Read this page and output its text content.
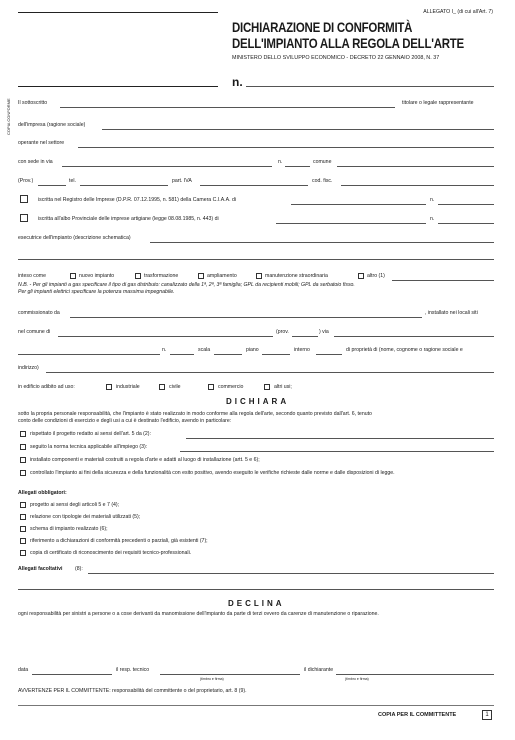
ALLEGATO I_ (di cui all'Art. 7)
DICHIARAZIONE DI CONFORMITÀ
DELL'IMPIANTO ALLA REGOLA DELL'ARTE
MINISTERO DELLO SVILUPPO ECONOMICO - DECRETO 22 GENNAIO 2008, N. 37
n.
COPIA CONFORME Il sottoscritto	titolare o legale rappresentante
dell'impresa (ragione sociale)
operante nel settore
con sede in via	n.	comune
(Prov.)	tel.	part. IVA	cod. fisc.
iscritta nel Registro delle Imprese (D.P.R. 07.12.1995, n. 581) della Camera C.I.A.A. di	n.
iscritta all'albo Provinciale delle imprese artigiane (legge 08.08.1985, n. 443) di	n.
esecutrice dell'impianto (descrizione schematica)
inteso come	nuovo impianto	trasformazione	ampliamento	manutenzione straordinaria	altro (1)
N.B. - Per gli impianti a gas specificare il tipo di gas distributo: canalizzato della 1ª, 2ª, 3ª famiglia; GPL da recipienti mobili; GPL da serbatoio fisso.
Per gli impianti elettrici specificare la potenza massima impegnabile.
commissionato da	, installato nei locali siti
nel comune di	(prov.	) via
n.	scala	piano	interno	di proprietà di (nome, cognome o ragione sociale e
indirizzo)
in edificio adibito ad uso:	industriale	civile	commercio	altri usi;
DICHIARA
sotto la propria personale responsabilità, che l'impianto è stato realizzato in modo conforme alla regola dell'arte, secondo quanto previsto dall'art. 6, tenuto
conto delle condizioni di esercizio e degli usi a cui è destinato l'edificio, avendo in particolare:
rispettato il progetto redatto ai sensi dell'art. 5 da (2):
seguito la norma tecnica applicabile all'impiego (3):
installato componenti e materiali costruiti a regola d'arte e adatti al luogo di installazione (artt. 5 e 6);
controllato l'impianto ai fini della sicurezza e della funzionalità con esito positivo, avendo eseguito le verifiche richieste dalle norme e dalle disposizioni di legge.
Allegati obbligatori:
progetto ai sensi degli articoli 5 e 7 (4);
relazione con tipologie dei materiali utilizzati (5);
schema di impianto realizzato (6);
riferimento a dichiarazioni di conformità precedenti o parziali, già esistenti (7);
copia di certificato di riconoscimento dei requisiti tecnico-professionali.
Allegati facoltativi (8):
DECLINA
ogni responsabilità per sinistri a persone o a cose derivanti da manomissione dell'impianto da parte di terzi ovvero da carenze di manutenzione o riparazione.
data	il resp. tecnico
(timbro e firma)
il dichiarante
(timbro e firma)
AVVERTENZE PER IL COMMITTENTE: responsabilità del committente o del proprietario, art. 8 (9).
COPIA PER IL COMMITTENTE	1
